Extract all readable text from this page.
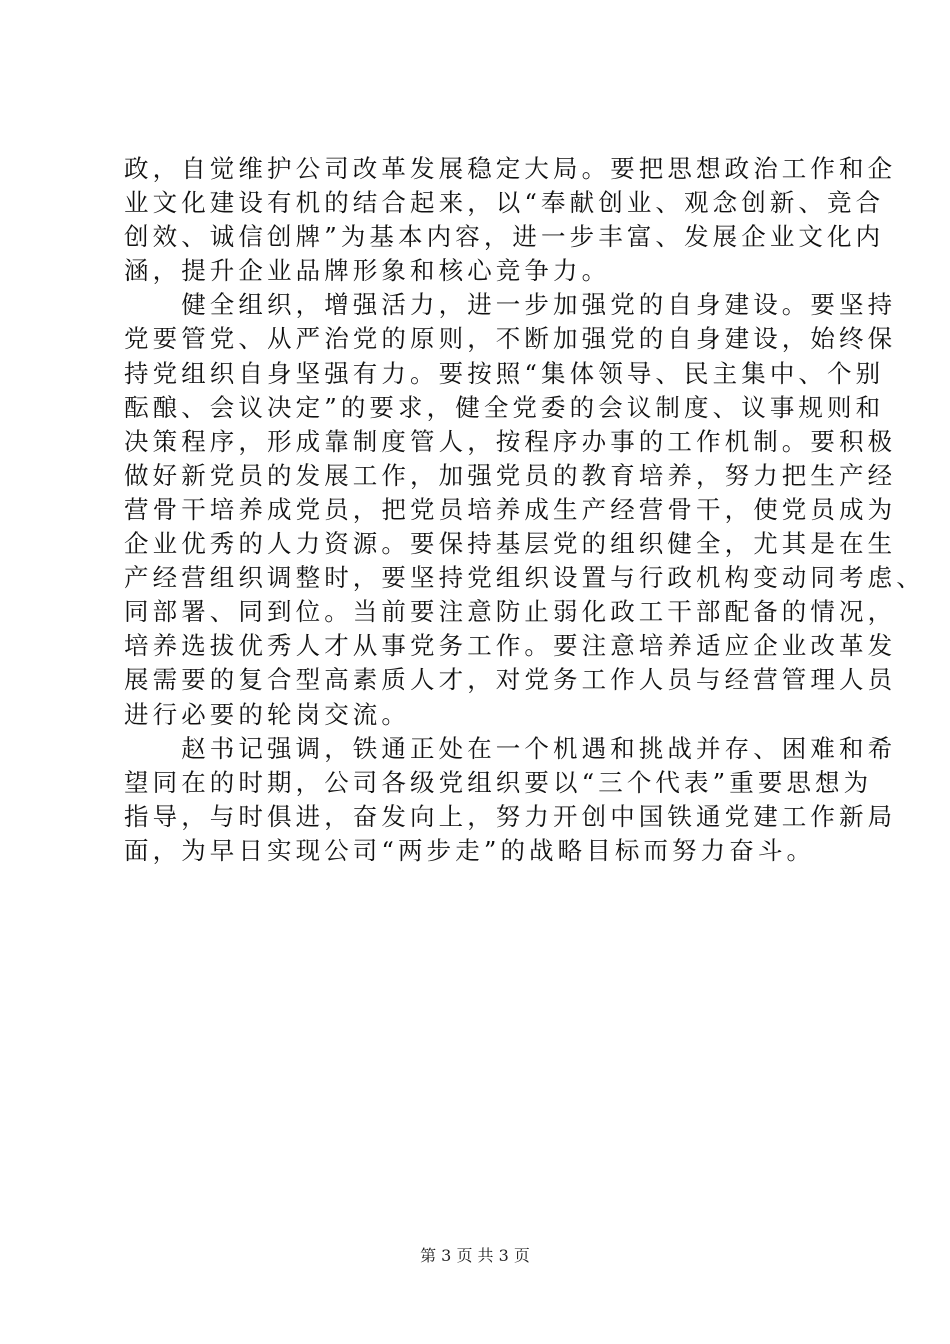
政，自觉维护公司改革发展稳定大局。要把思想政治工作和企
业文化建设有机的结合起来，以“奉献创业、观念创新、竞合
创效、诚信创牌”为基本内容，进一步丰富、发展企业文化内
涵，提升企业品牌形象和核心竞争力。

　　健全组织，增强活力，进一步加强党的自身建设。要坚持
党要管党、从严治党的原则，不断加强党的自身建设，始终保
持党组织自身坚强有力。要按照“集体领导、民主集中、个别
酝酿、会议决定”的要求，健全党委的会议制度、议事规则和
决策程序，形成靠制度管人，按程序办事的工作机制。要积极
做好新党员的发展工作，加强党员的教育培养，努力把生产经
营骨干培养成党员，把党员培养成生产经营骨干，使党员成为
企业优秀的人力资源。要保持基层党的组织健全，尤其是在生
产经营组织调整时，要坚持党组织设置与行政机构变动同考虑、
同部署、同到位。当前要注意防止弱化政工干部配备的情况，
培养选拔优秀人才从事党务工作。要注意培养适应企业改革发
展需要的复合型高素质人才，对党务工作人员与经营管理人员
进行必要的轮岗交流。

　　赵书记强调，铁通正处在一个机遇和挑战并存、困难和希
望同在的时期，公司各级党组织要以“三个代表”重要思想为
指导，与时俱进，奋发向上，努力开创中国铁通党建工作新局
面，为早日实现公司“两步走”的战略目标而努力奋斗。

第 3 页 共 3 页
